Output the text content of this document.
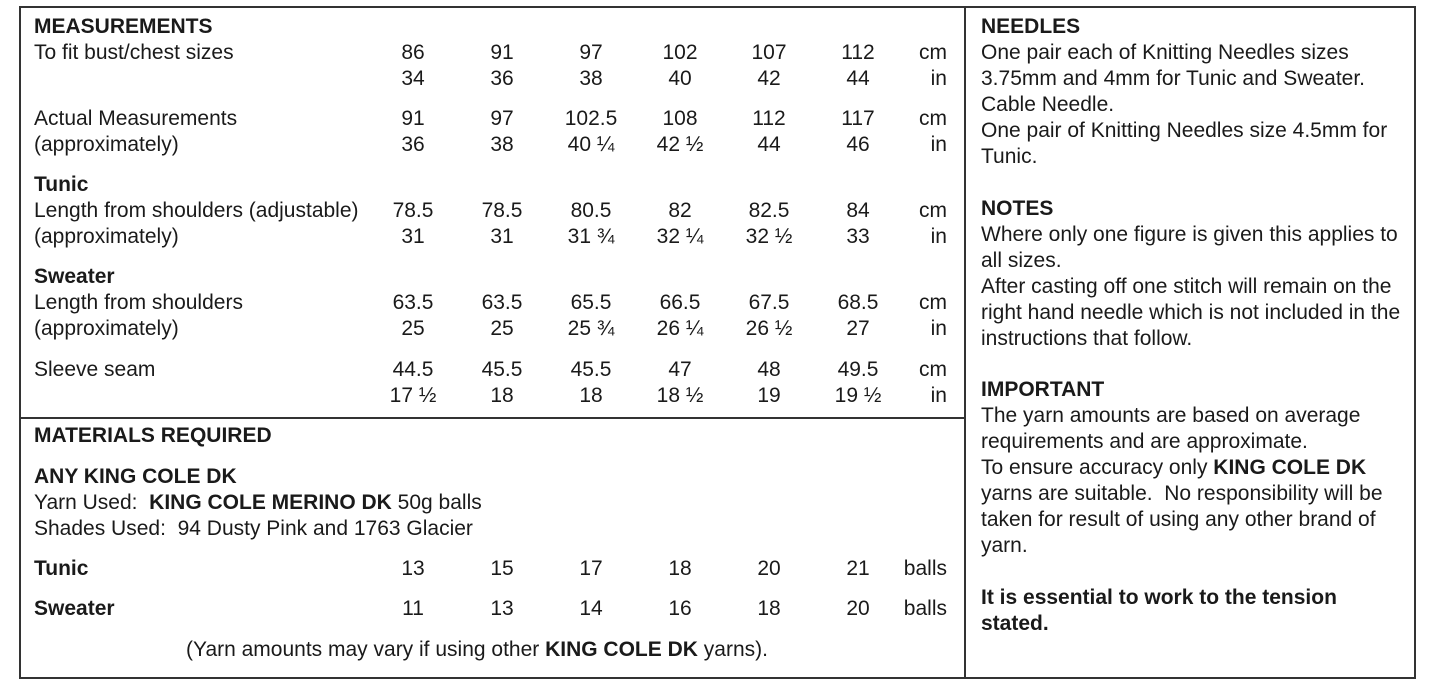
MEASUREMENTS
To fit bust/chest sizes	86	91	97	102	107	112	cm
34	36	38	40	42	44	in
Actual Measurements
(approximately)
91	97	102.5	108	112	117	cm
36	38	40 ¼	42 ½	44	46	in
Tunic
Length from shoulders (adjustable)
(approximately)
78.5	78.5	80.5	82	82.5	84	cm
31	31	31 ¾	32 ¼	32 ½	33	in
Sweater
Length from shoulders
(approximately)
63.5	63.5	65.5	66.5	67.5	68.5	cm
25	25	25 ¾	26 ¼	26 ½	27	in
Sleeve seam	44.5	45.5	45.5	47	48	49.5	cm
17 ½	18	18	18 ½	19	19 ½	in
MATERIALS REQUIRED
ANY KING COLE DK
Yarn Used:  KING COLE MERINO DK 50g balls
Shades Used:  94 Dusty Pink and 1763 Glacier
Tunic	13	15	17	18	20	21	balls
Sweater	11	13	14	16	18	20	balls
(Yarn amounts may vary if using other KING COLE DK yarns).

NEEDLES

One pair each of Knitting Needles sizes 3.75mm and 4mm for Tunic and Sweater.

Cable Needle.

One pair of Knitting Needles size 4.5mm for Tunic.

NOTES

Where only one figure is given this applies to all sizes.

After casting off one stitch will remain on the right hand needle which is not included in the instructions that follow.

IMPORTANT

The yarn amounts are based on average requirements and are approximate.

To ensure accuracy only KING COLE DK yarns are suitable.  No responsibility will be taken for result of using any other brand of yarn.

It is essential to work to the tension stated.
